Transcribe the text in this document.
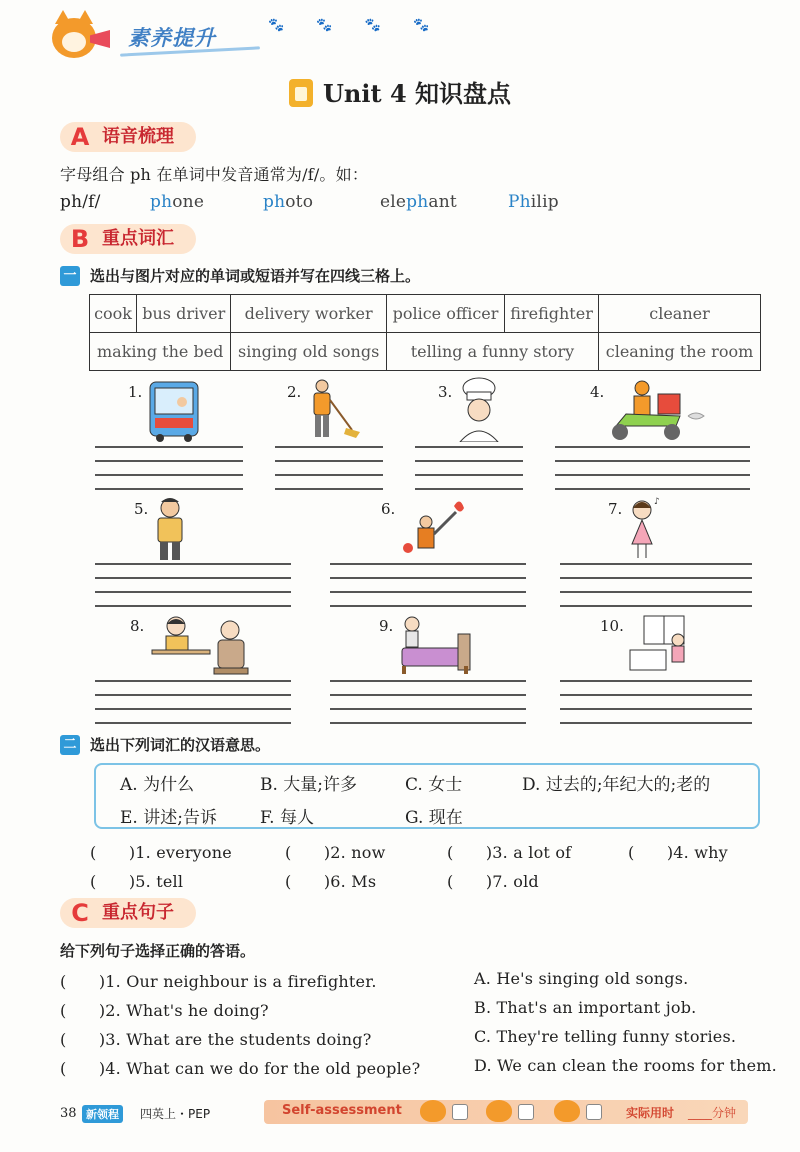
素养提升
🐾 🐾 🐾 🐾
Unit 4 知识盘点
A 语音梳理
字母组合 ph 在单词中发音通常为/f/。如：
ph/f/	phone	photo	elephant	Philip
B 重点词汇
一 选出与图片对应的单词或短语并写在四线三格上。
cook	bus driver	delivery worker	police officer	firefighter	cleaner
making the bed		singing old songs	telling a funny story		cleaning the room
1.	2.	3.	4.
5.	6.	7.	♪
8.	9.	10.
二 选出下列词汇的汉语意思。
A. 为什么	B. 大量;许多	C. 女士	D. 过去的;年纪大的;老的
E. 讲述;告诉	F. 每人	G. 现在
(　　)1. everyone	(　　)2. now	(　　)3. a lot of	(　　)4. why
(　　)5. tell	(　　)6. Ms	(　　)7. old
C 重点句子
给下列句子选择正确的答语。
(　　)1. Our neighbour is a firefighter.
(　　)2. What's he doing?
(　　)3. What are the students doing?
(　　)4. What can we do for the old people?
A. He's singing old songs.
B. That's an important job.
C. They're telling funny stories.
D. We can clean the rooms for them.
38 新领程	四英上・PEP	Self-assessment	实际用时 ____分钟
